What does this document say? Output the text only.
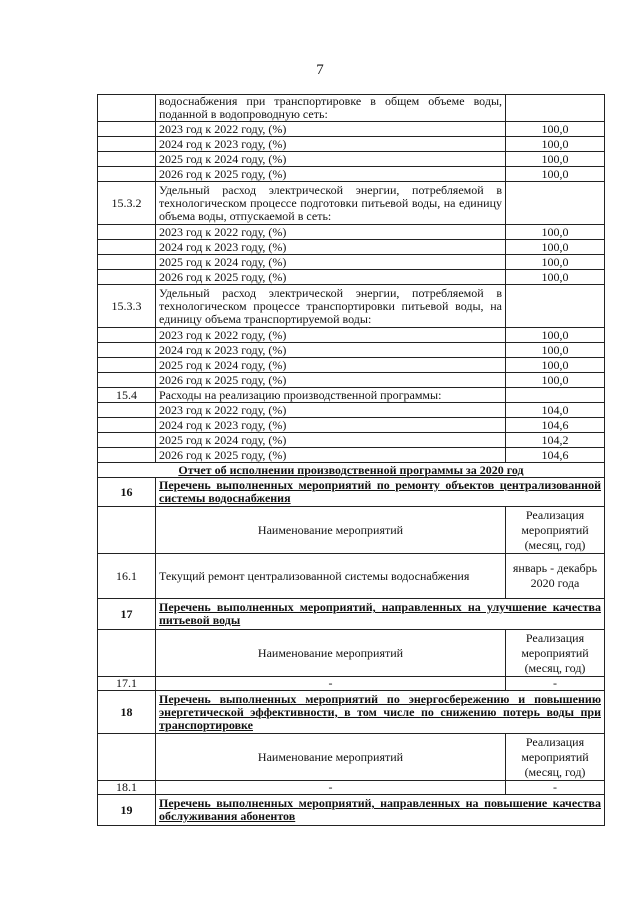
7
	водоснабжения при транспортировке в общем объеме воды, поданной в водопроводную сеть:	
	2023 год к 2022 году, (%)	100,0
	2024 год к 2023 году, (%)	100,0
	2025 год к 2024 году, (%)	100,0
	2026 год к 2025 году, (%)	100,0
15.3.2	Удельный расход электрической энергии, потребляемой в технологическом процессе подготовки питьевой воды, на единицу объема воды, отпускаемой в сеть:	
	2023 год к 2022 году, (%)	100,0
	2024 год к 2023 году, (%)	100,0
	2025 год к 2024 году, (%)	100,0
	2026 год к 2025 году, (%)	100,0
15.3.3	Удельный расход электрической энергии, потребляемой в технологическом процессе транспортировки питьевой воды, на единицу объема транспортируемой воды:	
	2023 год к 2022 году, (%)	100,0
	2024 год к 2023 году, (%)	100,0
	2025 год к 2024 году, (%)	100,0
	2026 год к 2025 году, (%)	100,0
15.4	Расходы на реализацию производственной программы:	
	2023 год к 2022 году, (%)	104,0
	2024 год к 2023 году, (%)	104,6
	2025 год к 2024 году, (%)	104,2
	2026 год к 2025 году, (%)	104,6
Отчет об исполнении производственной программы за 2020 год		
16	Перечень выполненных мероприятий по ремонту объектов централизованной системы водоснабжения	
	Наименование мероприятий	Реализация мероприятий (месяц, год)
16.1	Текущий ремонт централизованной системы водоснабжения	январь - декабрь 2020 года
17	Перечень выполненных мероприятий, направленных на улучшение качества питьевой воды	
	Наименование мероприятий	Реализация мероприятий (месяц, год)
17.1	-	-
18	Перечень выполненных мероприятий по энергосбережению и повышению энергетической эффективности, в том числе по снижению потерь воды при транспортировке	
	Наименование мероприятий	Реализация мероприятий (месяц, год)
18.1	-	-
19	Перечень выполненных мероприятий, направленных на повышение качества обслуживания абонентов	
